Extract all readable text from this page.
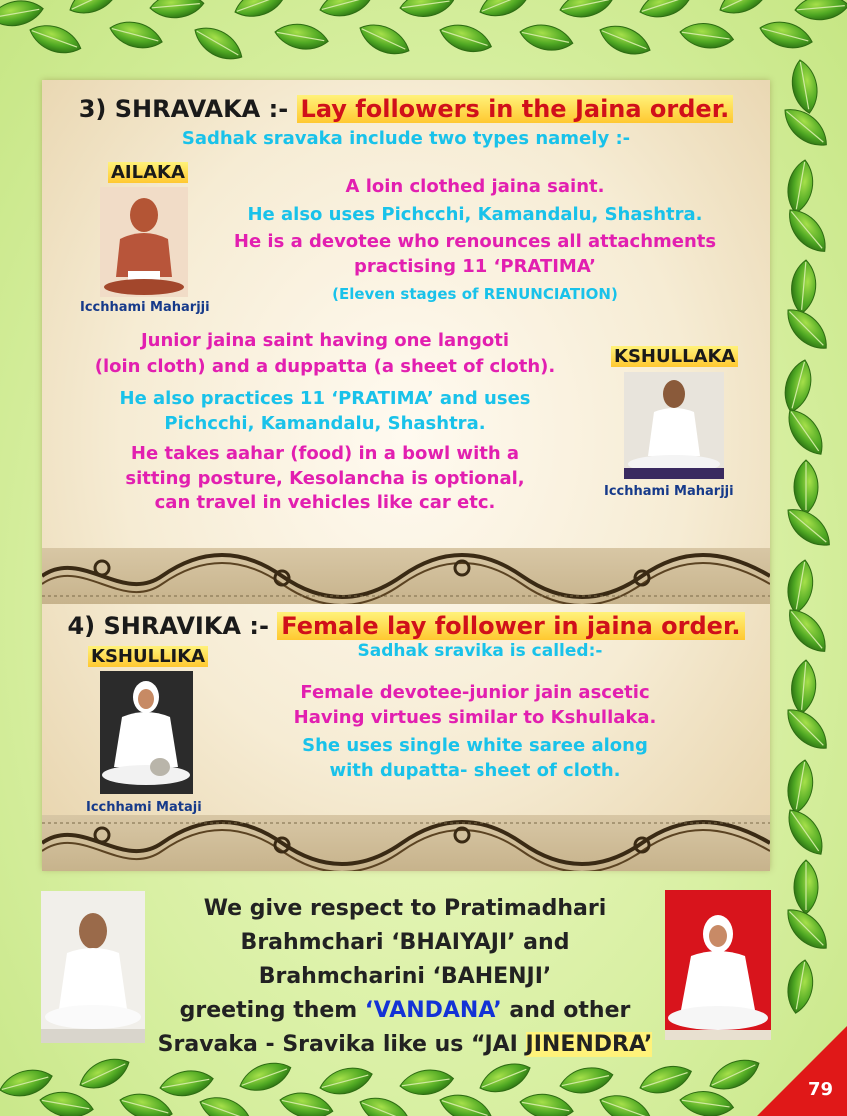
3) SHRAVAKA :- Lay followers in the Jaina order.
Sadhak sravaka include two types namely :-
AILAKA
Icchhami Maharjji
A loin clothed jaina saint.
He also uses Pichcchi, Kamandalu, Shashtra.
He is a devotee who renounces all attachments
practising 11 ‘PRATIMA’
(Eleven stages of RENUNCIATION)
Junior jaina saint having one langoti
(loin cloth) and a duppatta (a sheet of cloth).
He also practices 11 ‘PRATIMA’ and uses
Pichcchi, Kamandalu, Shashtra.
He takes aahar (food) in a bowl with a
sitting posture, Kesolancha is optional,
can travel in vehicles like car etc.
KSHULLAKA
Icchhami Maharjji
4) SHRAVIKA :- Female lay follower in jaina order.
Sadhak sravika is called:-
KSHULLIKA
Icchhami Mataji
Female devotee-junior jain ascetic
Having virtues similar to Kshullaka.
She uses single white saree along
with dupatta- sheet of cloth.
We give respect to Pratimadhari
Brahmchari ‘BHAIYAJI’ and
Brahmcharini ‘BAHENJI’
greeting them ‘VANDANA’ and other
Sravaka - Sravika like us “JAI JINENDRA’
79
